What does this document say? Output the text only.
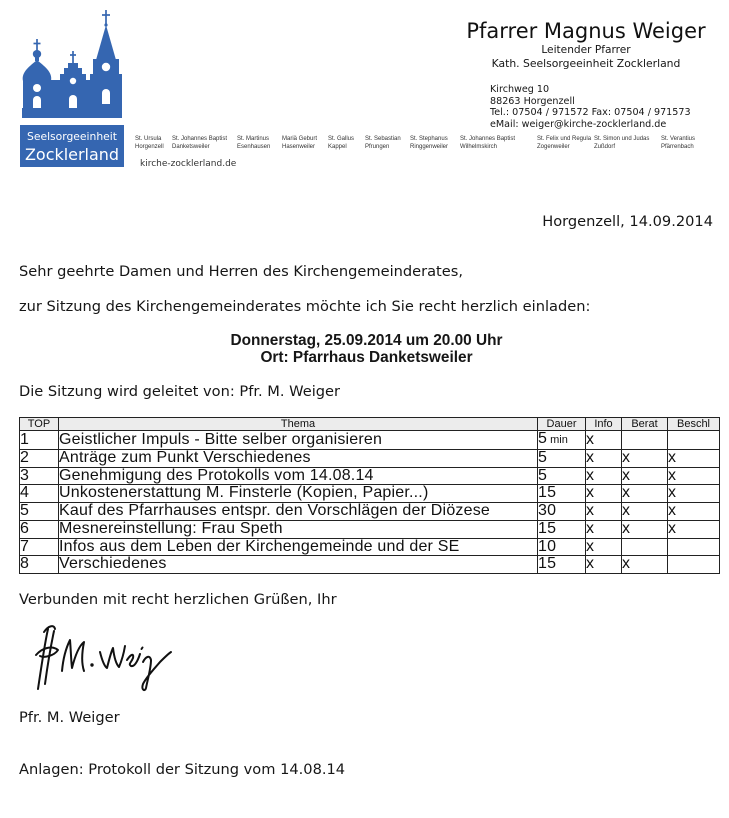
Seelsorgeeinheit
Zocklerland
Pfarrer Magnus Weiger
Leitender Pfarrer
Kath. Seelsorgeeinheit Zocklerland
Kirchweg 10
88263 Horgenzell
Tel.: 07504 / 971572 Fax: 07504 / 971573
eMail: weiger@kirche-zocklerland.de
St. Ursula
Horgenzell
St. Johannes Baptist
Danketsweiler
St. Martinus
Esenhausen
Mariä Geburt
Hasenweiler
St. Gallus
Kappel
St. Sebastian
Pfrungen
St. Stephanus
Ringgenweiler
St. Johannes Baptist
Wilhelmskirch
St. Felix und Regula
Zogenweiler
St. Simon und Judas
Zußdorf
St. Verantius
Pfärrenbach
kirche-zocklerland.de
Horgenzell, 14.09.2014
Sehr geehrte Damen und Herren des Kirchengemeinderates,
zur Sitzung des Kirchengemeinderates möchte ich Sie recht herzlich einladen:
Donnerstag, 25.09.2014 um 20.00 Uhr
Ort: Pfarrhaus Danketsweiler
Die Sitzung wird geleitet von: Pfr. M. Weiger
TOP	Thema	Dauer	Info	Berat	Beschl
1	Geistlicher Impuls - Bitte selber organisieren	5 min	x		
2	Anträge zum Punkt Verschiedenes	5	x	x	x
3	Genehmigung des Protokolls vom 14.08.14	5	x	x	x
4	Unkostenerstattung M. Finsterle (Kopien, Papier...)	15	x	x	x
5	Kauf des Pfarrhauses entspr. den Vorschlägen der Diözese	30	x	x	x
6	Mesnereinstellung: Frau Speth	15	x	x	x
7	Infos aus dem Leben der Kirchengemeinde und der SE	10	x		
8	Verschiedenes	15	x	x	
Verbunden mit recht herzlichen Grüßen, Ihr
Pfr. M. Weiger
Anlagen: Protokoll der Sitzung vom 14.08.14
